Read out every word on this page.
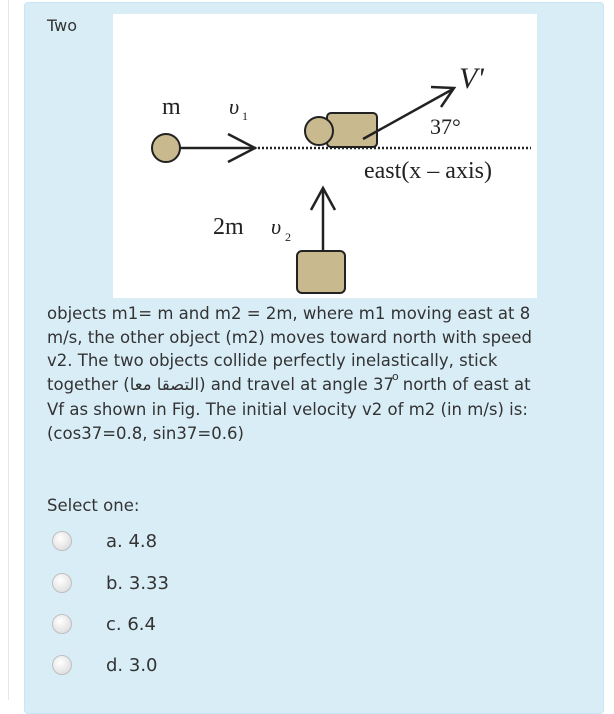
Two
m υ 1
V'
37°
east(x – axis)
2m υ 2
objects m1= m and m2 = 2m, where m1 moving east at 8 m/s, the other object (m2) moves toward north with speed v2. The two objects collide perfectly inelastically, stick together (التصقا معا) and travel at angle 37$^o$ north of east at Vf as shown in Fig. The initial velocity v2 of m2 (in m/s) is: (cos37=0.8, sin37=0.6)
Select one:
a. 4.8
b. 3.33
c. 6.4
d. 3.0
